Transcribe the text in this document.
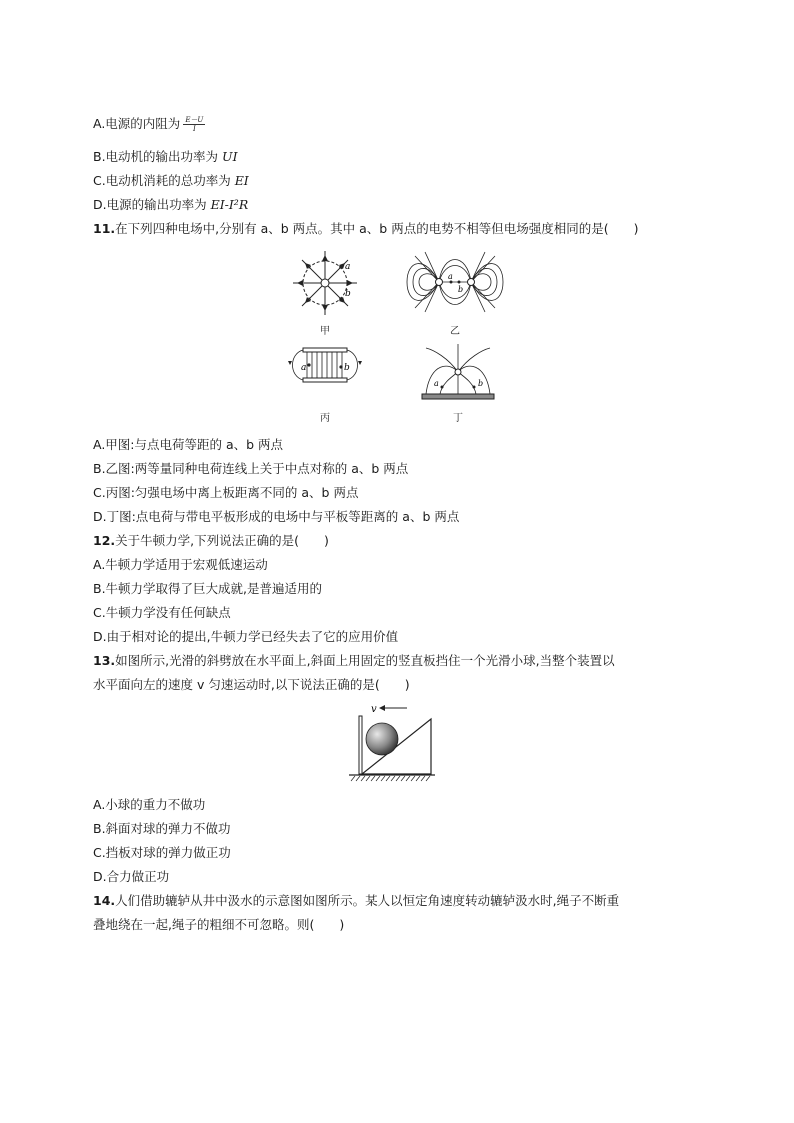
A.电源的内阻为 $\frac{E-U}{I}$
B.电动机的输出功率为 UI
C.电动机消耗的总功率为 EI
D.电源的输出功率为 EI-I²R
11.在下列四种电场中,分别有 a、b 两点。其中 a、b 两点的电势不相等但电场强度相同的是(　　)
a
b
甲
a
b
乙
a	b
丙
a	b
丁
A.甲图:与点电荷等距的 a、b 两点
B.乙图:两等量同种电荷连线上关于中点对称的 a、b 两点
C.丙图:匀强电场中离上板距离不同的 a、b 两点
D.丁图:点电荷与带电平板形成的电场中与平板等距离的 a、b 两点
12.关于牛顿力学,下列说法正确的是(　　)
A.牛顿力学适用于宏观低速运动
B.牛顿力学取得了巨大成就,是普遍适用的
C.牛顿力学没有任何缺点
D.由于相对论的提出,牛顿力学已经失去了它的应用价值
13.如图所示,光滑的斜劈放在水平面上,斜面上用固定的竖直板挡住一个光滑小球,当整个装置以
水平面向左的速度 v 匀速运动时,以下说法正确的是(　　)
v
A.小球的重力不做功
B.斜面对球的弹力不做功
C.挡板对球的弹力做正功
D.合力做正功
14.人们借助辘轳从井中汲水的示意图如图所示。某人以恒定角速度转动辘轳汲水时,绳子不断重
叠地绕在一起,绳子的粗细不可忽略。则(　　)
